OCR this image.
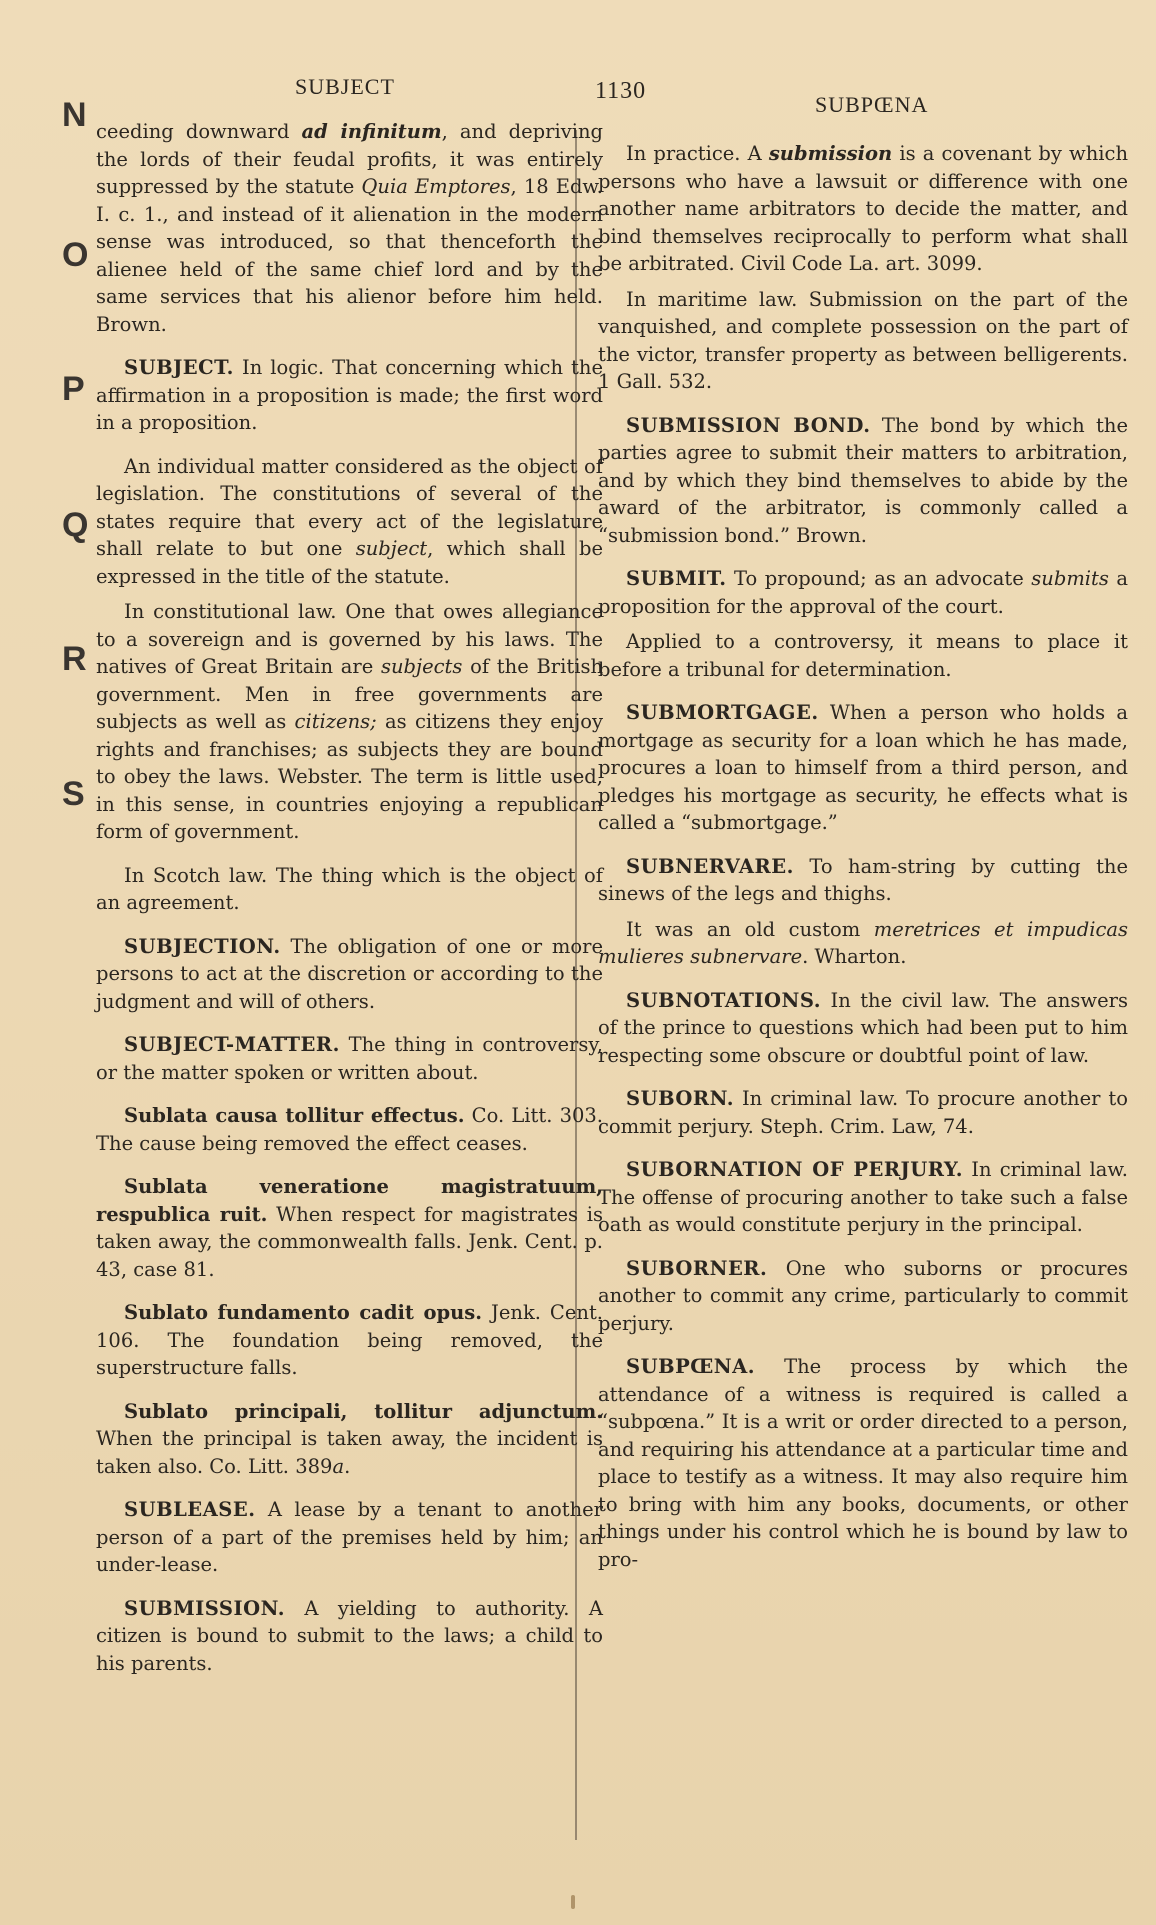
SUBJECT	1130
SUBPŒNA
N
O
P
Q
R
S

ceeding downward ad infinitum, and depriving the lords of their feudal profits, it was entirely suppressed by the statute Quia Emptores, 18 Edw. I. c. 1., and instead of it alienation in the modern sense was introduced, so that thenceforth the alienee held of the same chief lord and by the same services that his alienor before him held. Brown.

SUBJECT. In logic. That concerning which the affirmation in a proposition is made; the first word in a proposition.

An individual matter considered as the object of legislation. The constitutions of several of the states require that every act of the legislature shall relate to but one subject, which shall be expressed in the title of the statute.

In constitutional law. One that owes allegiance to a sovereign and is governed by his laws. The natives of Great Britain are subjects of the British government. Men in free governments are subjects as well as citizens; as citizens they enjoy rights and franchises; as subjects they are bound to obey the laws. Webster. The term is little used, in this sense, in countries enjoying a republican form of government.

In Scotch law. The thing which is the object of an agreement.

SUBJECTION. The obligation of one or more persons to act at the discretion or according to the judgment and will of others.

SUBJECT-MATTER. The thing in controversy, or the matter spoken or written about.

Sublata causa tollitur effectus. Co. Litt. 303. The cause being removed the effect ceases.

Sublata veneratione magistratuum, respublica ruit. When respect for magistrates is taken away, the commonwealth falls. Jenk. Cent. p. 43, case 81.

Sublato fundamento cadit opus. Jenk. Cent. 106. The foundation being removed, the superstructure falls.

Sublato principali, tollitur adjunctum. When the principal is taken away, the incident is taken also. Co. Litt. 389a.

SUBLEASE. A lease by a tenant to another person of a part of the premises held by him; an under-lease.

SUBMISSION. A yielding to authority. A citizen is bound to submit to the laws; a child to his parents.

In practice. A submission is a covenant by which persons who have a lawsuit or difference with one another name arbitrators to decide the matter, and bind themselves reciprocally to perform what shall be arbitrated. Civil Code La. art. 3099.

In maritime law. Submission on the part of the vanquished, and complete possession on the part of the victor, transfer property as between belligerents. 1 Gall. 532.

SUBMISSION BOND. The bond by which the parties agree to submit their matters to arbitration, and by which they bind themselves to abide by the award of the arbitrator, is commonly called a “submission bond.” Brown.

SUBMIT. To propound; as an advocate submits a proposition for the approval of the court.

Applied to a controversy, it means to place it before a tribunal for determination.

SUBMORTGAGE. When a person who holds a mortgage as security for a loan which he has made, procures a loan to himself from a third person, and pledges his mortgage as security, he effects what is called a “submortgage.”

SUBNERVARE. To ham-string by cutting the sinews of the legs and thighs.

It was an old custom meretrices et impudicas mulieres subnervare. Wharton.

SUBNOTATIONS. In the civil law. The answers of the prince to questions which had been put to him respecting some obscure or doubtful point of law.

SUBORN. In criminal law. To procure another to commit perjury. Steph. Crim. Law, 74.

SUBORNATION OF PERJURY. In criminal law. The offense of procuring another to take such a false oath as would constitute perjury in the principal.

SUBORNER. One who suborns or procures another to commit any crime, particularly to commit perjury.

SUBPŒNA. The process by which the attendance of a witness is required is called a “subpœna.” It is a writ or order directed to a person, and requiring his attendance at a particular time and place to testify as a witness. It may also require him to bring with him any books, documents, or other things under his control which he is bound by law to pro-
